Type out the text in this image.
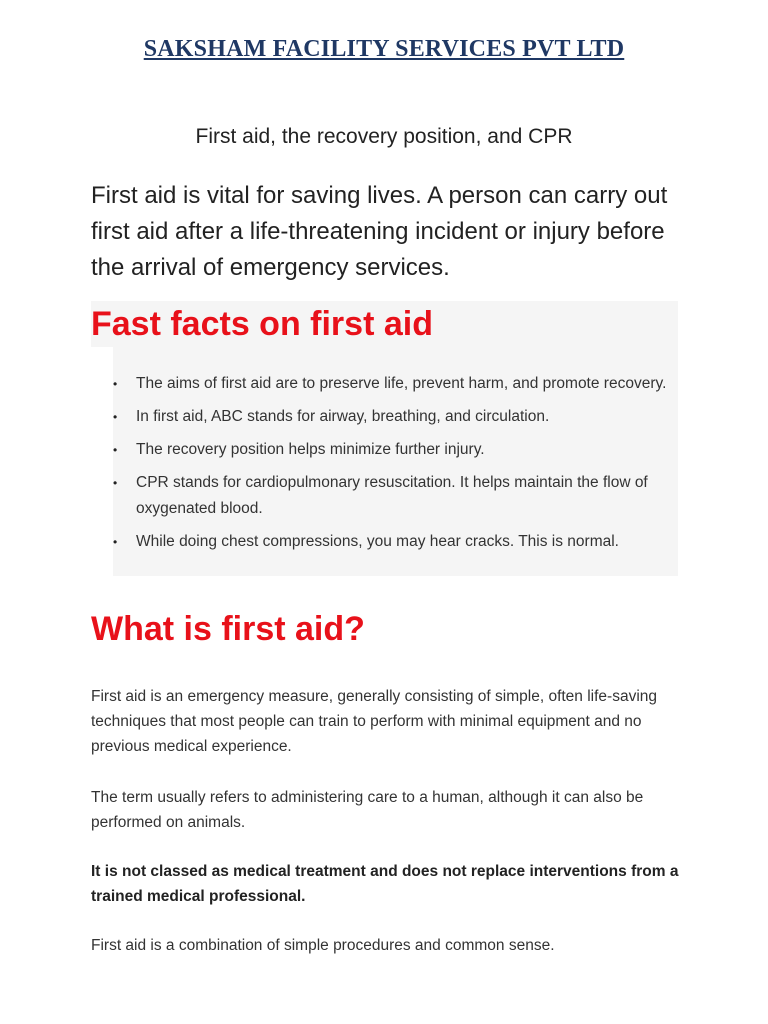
SAKSHAM FACILITY SERVICES PVT LTD
First aid, the recovery position, and CPR

First aid is vital for saving lives. A person can carry out first aid after a life-threatening incident or injury before the arrival of emergency services.

Fast facts on first aid
• The aims of first aid are to preserve life, prevent harm, and promote recovery.
• In first aid, ABC stands for airway, breathing, and circulation.
• The recovery position helps minimize further injury.
• CPR stands for cardiopulmonary resuscitation. It helps maintain the flow of oxygenated blood.
• While doing chest compressions, you may hear cracks. This is normal.
What is first aid?

First aid is an emergency measure, generally consisting of simple, often life-saving techniques that most people can train to perform with minimal equipment and no previous medical experience.

The term usually refers to administering care to a human, although it can also be performed on animals.

It is not classed as medical treatment and does not replace interventions from a trained medical professional.

First aid is a combination of simple procedures and common sense.
